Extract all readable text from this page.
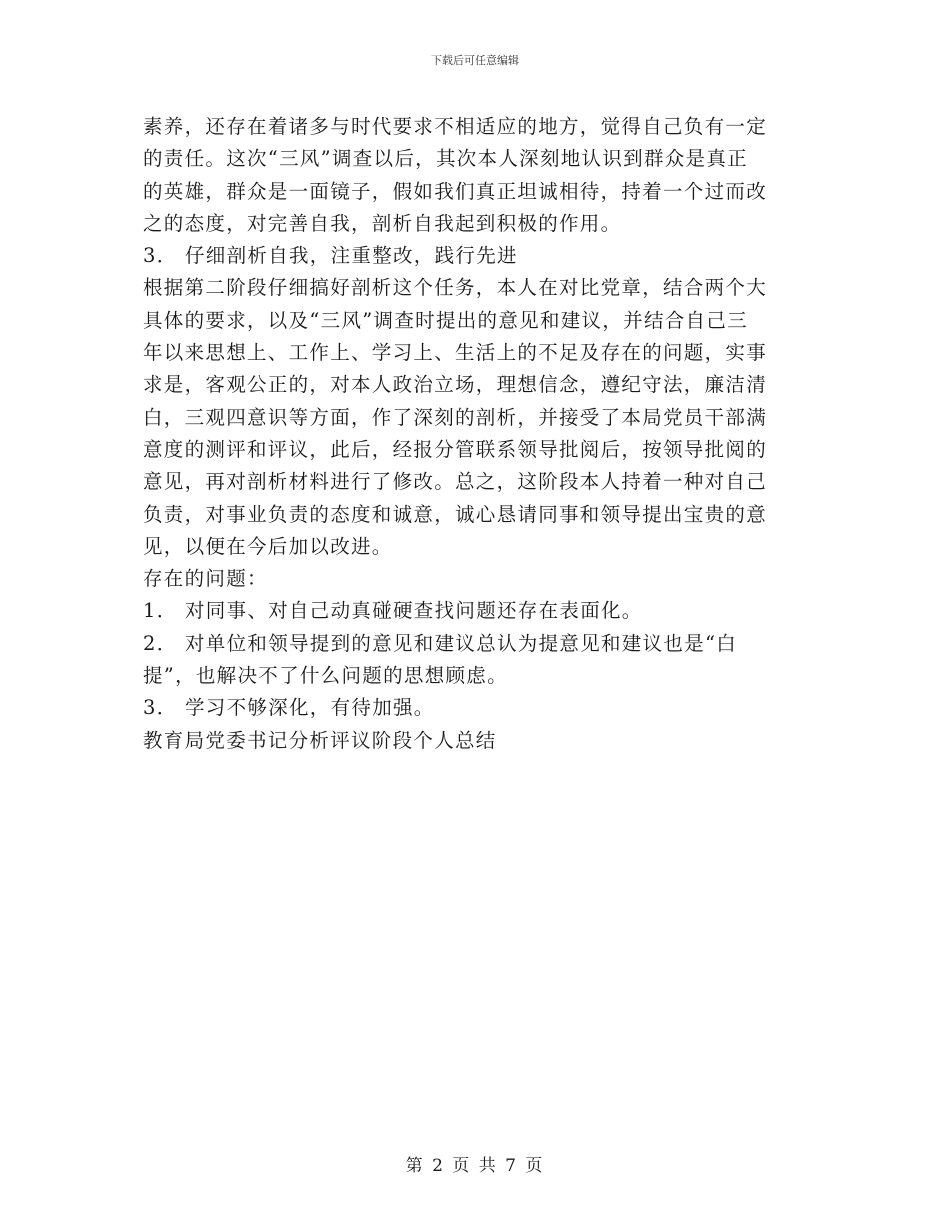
下载后可任意编辑
素养，还存在着诸多与时代要求不相适应的地方，觉得自己负有一定
的责任。这次“三风”调查以后，其次本人深刻地认识到群众是真正
的英雄，群众是一面镜子，假如我们真正坦诚相待，持着一个过而改
之的态度，对完善自我，剖析自我起到积极的作用。
3． 仔细剖析自我，注重整改，践行先进
根据第二阶段仔细搞好剖析这个任务，本人在对比党章，结合两个大
具体的要求，以及“三风”调查时提出的意见和建议，并结合自己三
年以来思想上、工作上、学习上、生活上的不足及存在的问题，实事
求是，客观公正的，对本人政治立场，理想信念，遵纪守法，廉洁清
白，三观四意识等方面，作了深刻的剖析，并接受了本局党员干部满
意度的测评和评议，此后，经报分管联系领导批阅后，按领导批阅的
意见，再对剖析材料进行了修改。总之，这阶段本人持着一种对自己
负责，对事业负责的态度和诚意，诚心恳请同事和领导提出宝贵的意
见，以便在今后加以改进。
存在的问题：
1． 对同事、对自己动真碰硬查找问题还存在表面化。
2． 对单位和领导提到的意见和建议总认为提意见和建议也是“白
提”，也解决不了什么问题的思想顾虑。
3． 学习不够深化，有待加强。
教育局党委书记分析评议阶段个人总结
第 2 页 共 7 页
